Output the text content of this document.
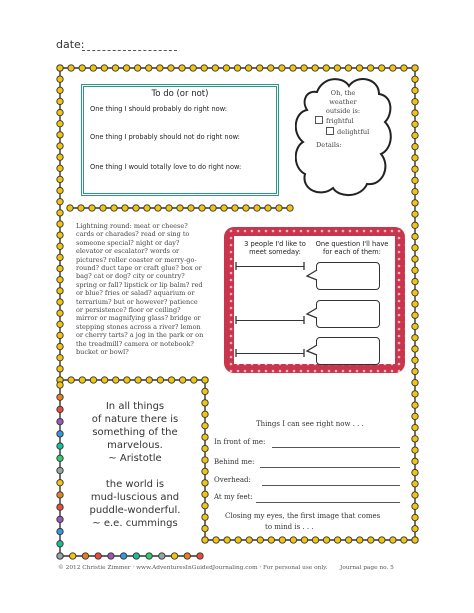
date:
To do (or not)
One thing I should probably do right now:
One thing I probably should not do right now:
One thing I would totally love to do right now:
Oh, the
weather
outside is:
frightful
delightful
Details:
Lightning round: meat or cheese? cards or charades? read or sing to someone special? night or day? elevator or escalator? words or pictures? roller coaster or merry-go-round? duct tape or craft glue? box or bag? cat or dog? city or country? spring or fall? lipstick or lip balm? red or blue? fries or salad? aquarium or terrarium? but or however? patience or persistence? floor or ceiling? mirror or magnifying glass? bridge or stepping stones across a river? lemon or cherry tarts? a jog in the park or on the treadmill? camera or notebook? bucket or bowl?
3 people I'd like to meet someday:
One question I'll have for each of them:
In all things
of nature there is
something of the
marvelous.
~ Aristotle
the world is
mud-luscious and
puddle-wonderful.
~ e.e. cummings
Things I can see right now . . .
In front of me:
Behind me:
Overhead:
At my feet:
Closing my eyes, the first image that comes
to mind is . . .
© 2012 Christie Zimmer · www.AdventuresInGuidedJournaling.com · For personal use only. Journal page no. 5
